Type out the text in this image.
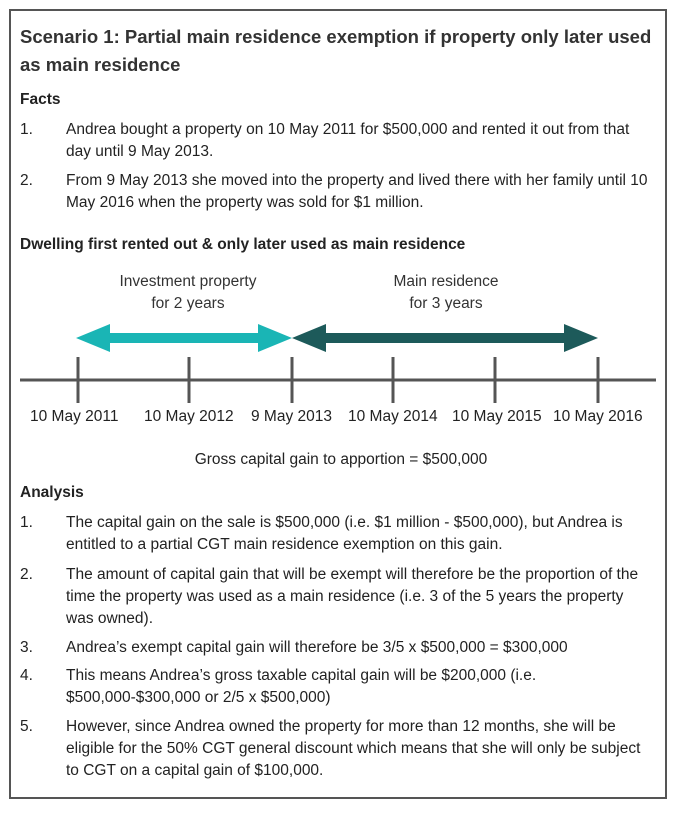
Scenario 1: Partial main residence exemption if property only later used as main residence
Facts
1. Andrea bought a property on 10 May 2011 for $500,000 and rented it out from that day until 9 May 2013.
2. From 9 May 2013 she moved into the property and lived there with her family until 10 May 2016 when the property was sold for $1 million.
Dwelling first rented out & only later used as main residence
Investment property
for 2 years
Main residence
for 3 years
10 May 2011 10 May 2012 9 May 2013 10 May 2014 10 May 2015 10 May 2016
Gross capital gain to apportion = $500,000
Analysis
1. The capital gain on the sale is $500,000 (i.e. $1 million - $500,000), but Andrea is entitled to a partial CGT main residence exemption on this gain.
2. The amount of capital gain that will be exempt will therefore be the proportion of the time the property was used as a main residence (i.e. 3 of the 5 years the property was owned).
3. Andrea’s exempt capital gain will therefore be 3/5 x $500,000 = $300,000
4. This means Andrea’s gross taxable capital gain will be $200,000 (i.e. $500,000-$300,000 or 2/5 x $500,000)
5. However, since Andrea owned the property for more than 12 months, she will be eligible for the 50% CGT general discount which means that she will only be subject to CGT on a capital gain of $100,000.
